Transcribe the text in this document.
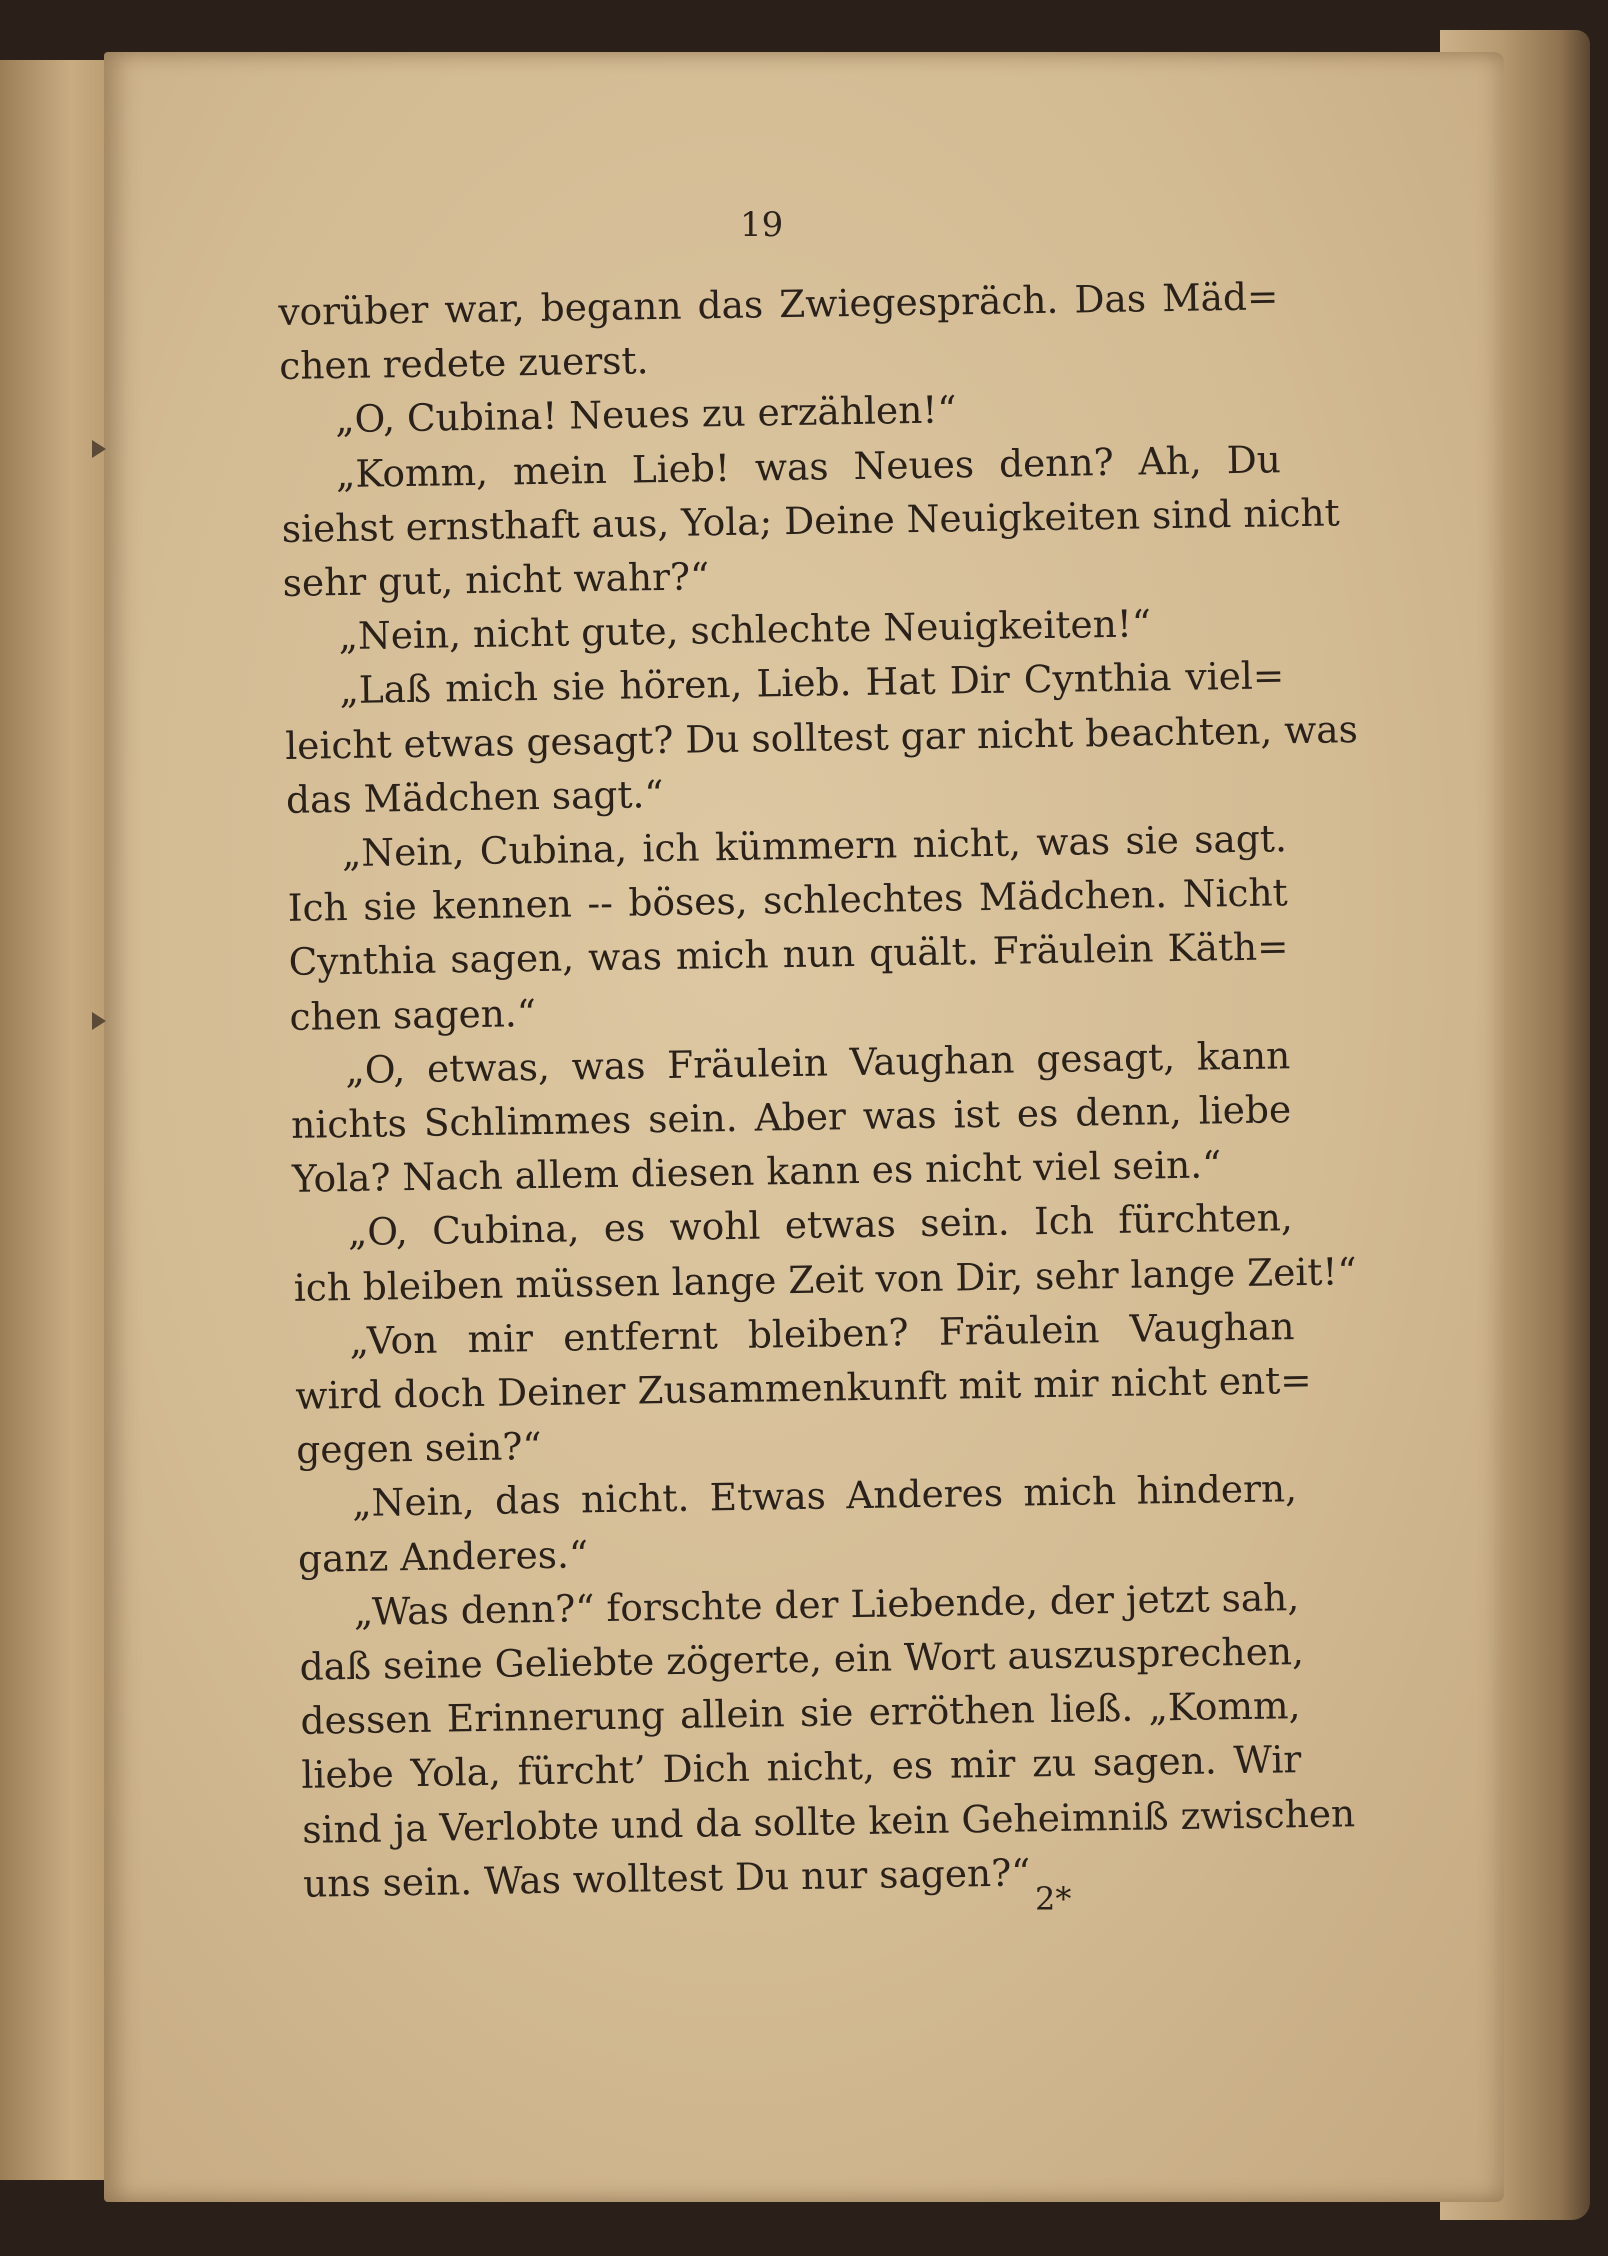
19
vorüber war, begann das Zwiegespräch. Das Mäd=
chen redete zuerst.
„O, Cubina! Neues zu erzählen!“
„Komm, mein Lieb! was Neues denn? Ah, Du
siehst ernsthaft aus, Yola; Deine Neuigkeiten sind nicht
sehr gut, nicht wahr?“
„Nein, nicht gute, schlechte Neuigkeiten!“
„Laß mich sie hören, Lieb. Hat Dir Cynthia viel=
leicht etwas gesagt? Du solltest gar nicht beachten, was
das Mädchen sagt.“
„Nein, Cubina, ich kümmern nicht, was sie sagt.
Ich sie kennen -- böses, schlechtes Mädchen. Nicht
Cynthia sagen, was mich nun quält. Fräulein Käth=
chen sagen.“
„O, etwas, was Fräulein Vaughan gesagt, kann
nichts Schlimmes sein. Aber was ist es denn, liebe
Yola? Nach allem diesen kann es nicht viel sein.“
„O, Cubina, es wohl etwas sein. Ich fürchten,
ich bleiben müssen lange Zeit von Dir, sehr lange Zeit!“
„Von mir entfernt bleiben? Fräulein Vaughan
wird doch Deiner Zusammenkunft mit mir nicht ent=
gegen sein?“
„Nein, das nicht. Etwas Anderes mich hindern,
ganz Anderes.“
„Was denn?“ forschte der Liebende, der jetzt sah,
daß seine Geliebte zögerte, ein Wort auszusprechen,
dessen Erinnerung allein sie erröthen ließ. „Komm,
liebe Yola, fürcht’ Dich nicht, es mir zu sagen. Wir
sind ja Verlobte und da sollte kein Geheimniß zwischen
uns sein. Was wolltest Du nur sagen?“ 2*
